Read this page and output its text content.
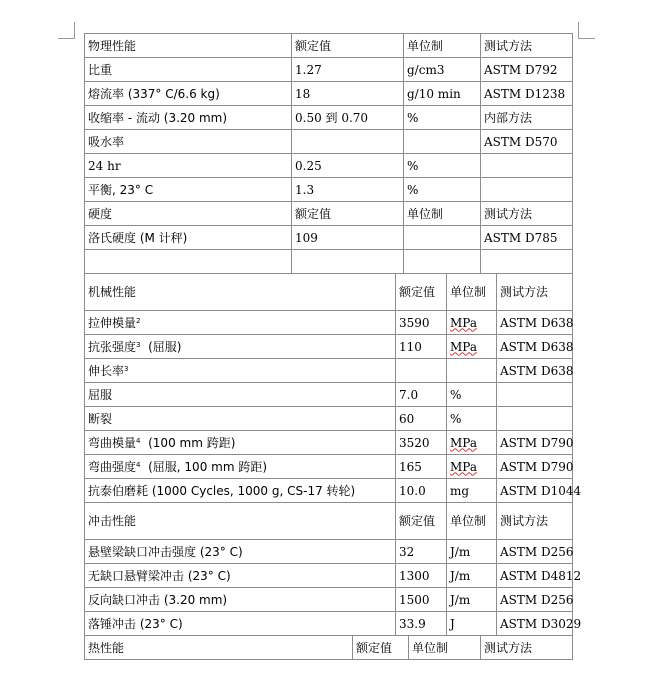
物理性能	额定值	单位制	测试方法
比重	1.27	g/cm3	ASTM D792
熔流率 (337° C/6.6 kg)	18	g/10 min	ASTM D1238
收缩率 - 流动 (3.20 mm)	0.50 到 0.70	%	内部方法
吸水率			ASTM D570
24 hr	0.25	%	
平衡, 23° C	1.3	%	
硬度	额定值	单位制	测试方法
洛氏硬度 (M 计秤)	109		ASTM D785

机械性能	额定值	单位制	测试方法
拉伸模量$^2$	3590	MPa	ASTM D638
抗张强度$^3$  (屈服)	110	MPa	ASTM D638
伸长率$^3$			ASTM D638
屈服	7.0	%	
断裂	60	%	
弯曲模量$^4$  (100 mm 跨距)	3520	MPa	ASTM D790
弯曲强度$^4$  (屈服, 100 mm 跨距)	165	MPa	ASTM D790
抗泰伯磨耗 (1000 Cycles, 1000 g, CS-17 转轮)	10.0	mg	ASTM D1044
冲击性能	额定值	单位制	测试方法
悬壁梁缺口冲击强度 (23° C)	32	J/m	ASTM D256
无缺口悬臂梁冲击 (23° C)	1300	J/m	ASTM D4812
反向缺口冲击 (3.20 mm)	1500	J/m	ASTM D256
落锤冲击 (23° C)	33.9	J	ASTM D3029
热性能	额定值	单位制	测试方法
